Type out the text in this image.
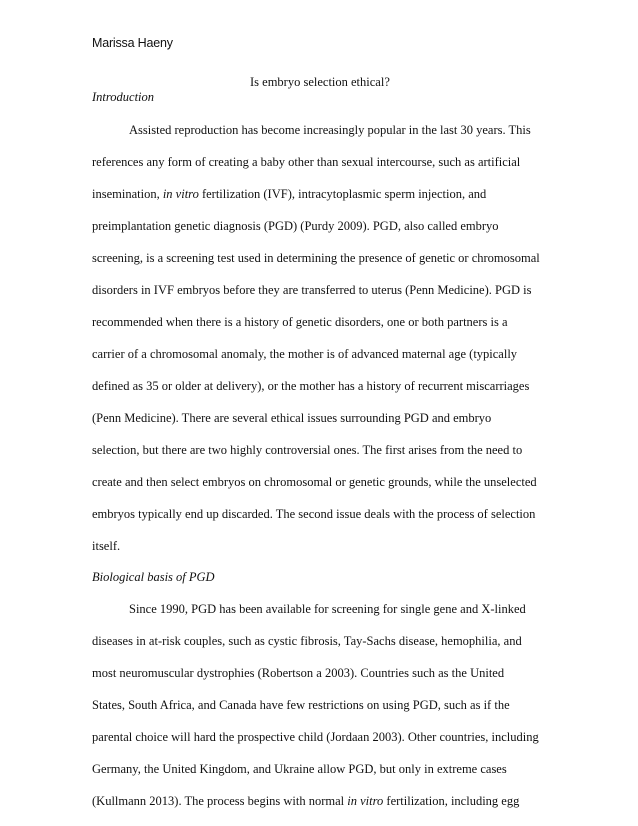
Marissa Haeny
Is embryo selection ethical?
Introduction
Assisted reproduction has become increasingly popular in the last 30 years. This
references any form of creating a baby other than sexual intercourse, such as artificial
insemination, in vitro fertilization (IVF), intracytoplasmic sperm injection, and
preimplantation genetic diagnosis (PGD) (Purdy 2009). PGD, also called embryo
screening, is a screening test used in determining the presence of genetic or chromosomal
disorders in IVF embryos before they are transferred to uterus (Penn Medicine). PGD is
recommended when there is a history of genetic disorders, one or both partners is a
carrier of a chromosomal anomaly, the mother is of advanced maternal age (typically
defined as 35 or older at delivery), or the mother has a history of recurrent miscarriages
(Penn Medicine). There are several ethical issues surrounding PGD and embryo
selection, but there are two highly controversial ones. The first arises from the need to
create and then select embryos on chromosomal or genetic grounds, while the unselected
embryos typically end up discarded. The second issue deals with the process of selection
itself.
Biological basis of PGD
Since 1990, PGD has been available for screening for single gene and X-linked
diseases in at-risk couples, such as cystic fibrosis, Tay-Sachs disease, hemophilia, and
most neuromuscular dystrophies (Robertson a 2003). Countries such as the United
States, South Africa, and Canada have few restrictions on using PGD, such as if the
parental choice will hard the prospective child (Jordaan 2003). Other countries, including
Germany, the United Kingdom, and Ukraine allow PGD, but only in extreme cases
(Kullmann 2013). The process begins with normal in vitro fertilization, including egg
